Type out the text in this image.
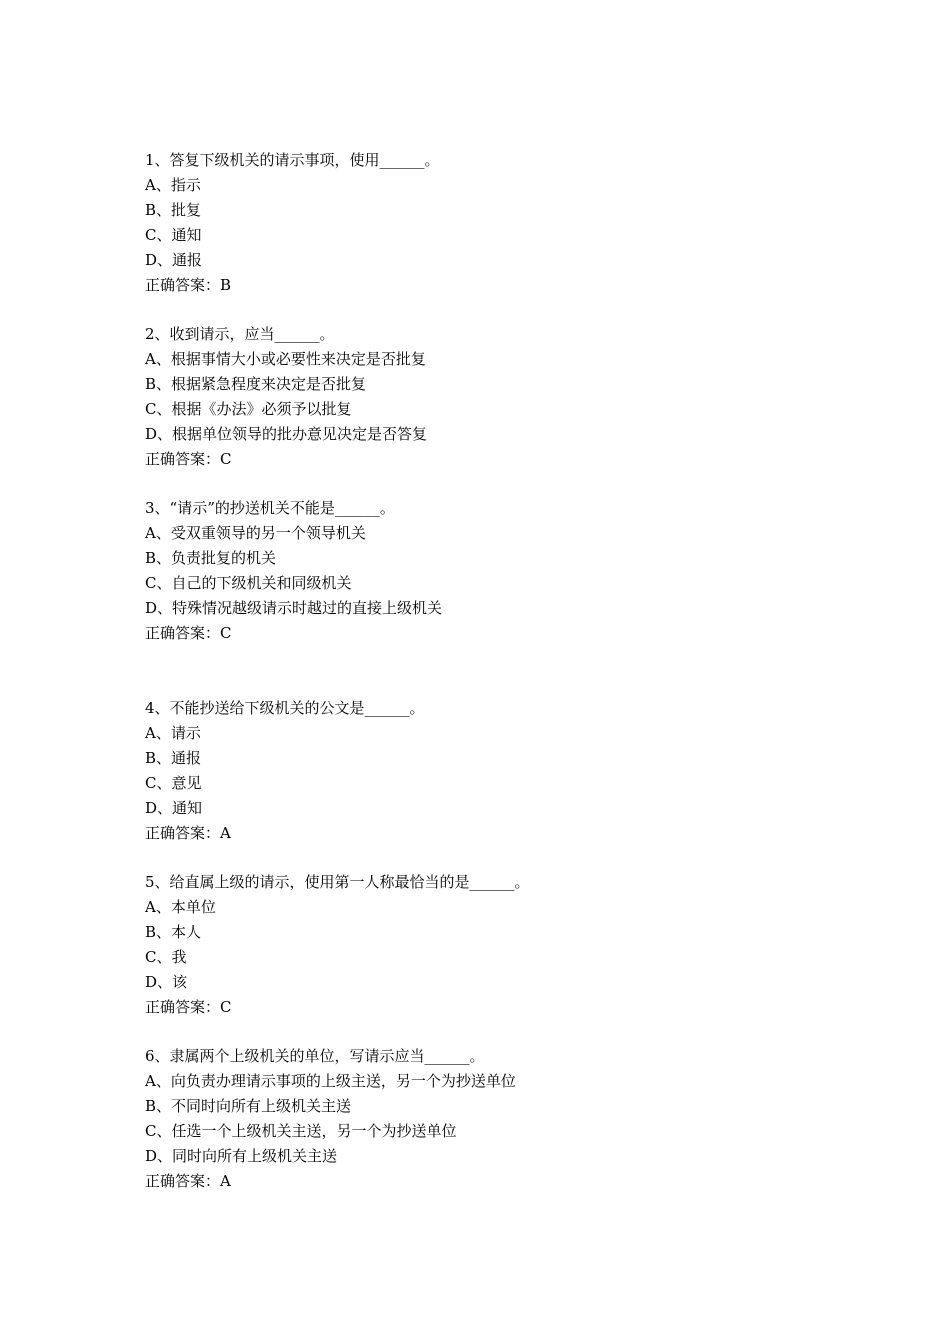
1、答复下级机关的请示事项，使用______。
A、指示
B、批复
C、通知
D、通报
正确答案：B
2、收到请示，应当______。
A、根据事情大小或必要性来决定是否批复
B、根据紧急程度来决定是否批复
C、根据《办法》必须予以批复
D、根据单位领导的批办意见决定是否答复
正确答案：C
3、“请示”的抄送机关不能是______。
A、受双重领导的另一个领导机关
B、负责批复的机关
C、自己的下级机关和同级机关
D、特殊情况越级请示时越过的直接上级机关
正确答案：C
4、不能抄送给下级机关的公文是______。
A、请示
B、通报
C、意见
D、通知
正确答案：A
5、给直属上级的请示，使用第一人称最恰当的是______。
A、本单位
B、本人
C、我
D、该
正确答案：C
6、隶属两个上级机关的单位，写请示应当______。
A、向负责办理请示事项的上级主送，另一个为抄送单位
B、不同时向所有上级机关主送
C、任选一个上级机关主送，另一个为抄送单位
D、同时向所有上级机关主送
正确答案：A
